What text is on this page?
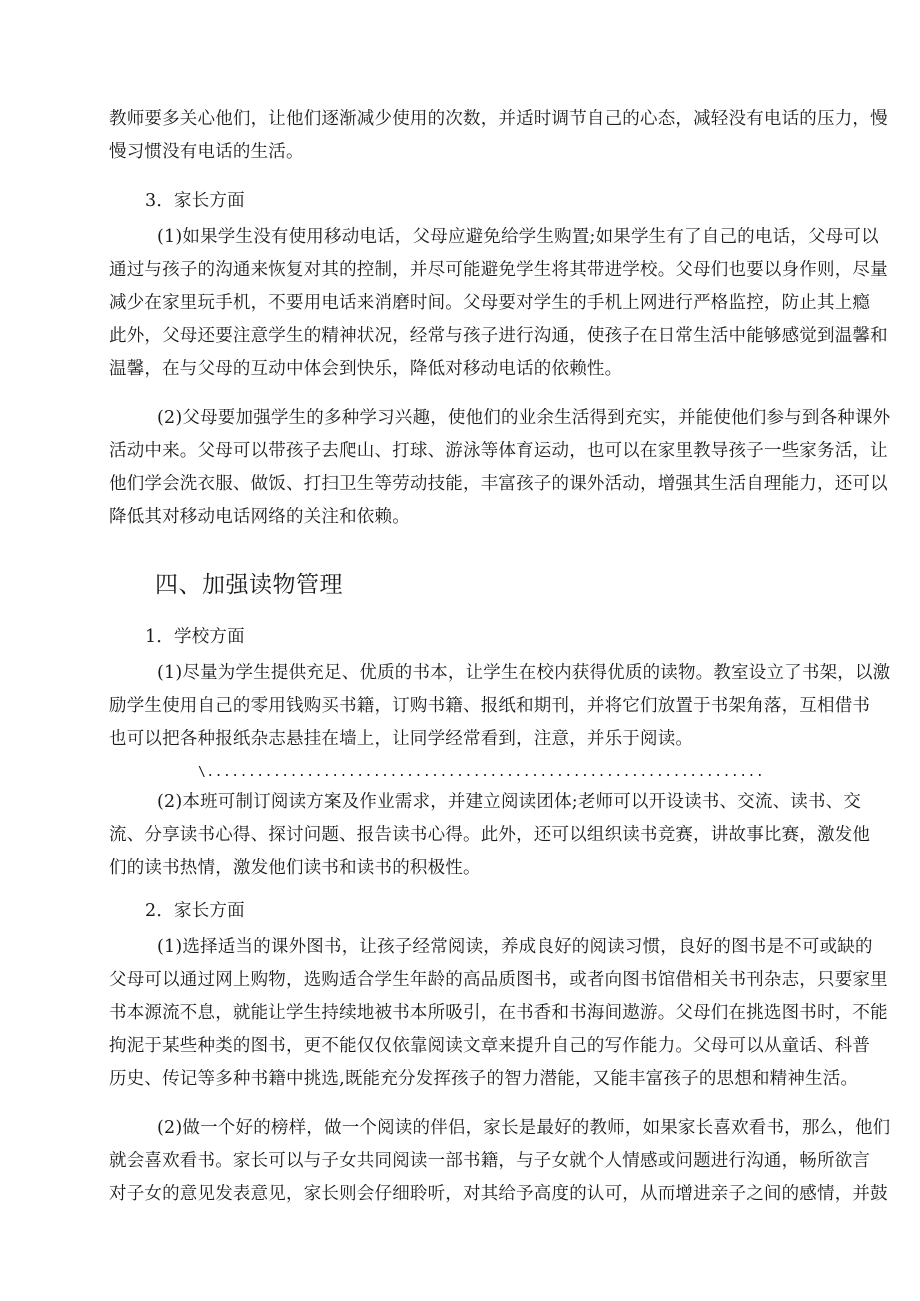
教师要多关心他们，让他们逐渐减少使用的次数，并适时调节自己的心态，减轻没有电话的压力，慢
慢习惯没有电话的生活。
3．家长方面
(1)如果学生没有使用移动电话，父母应避免给学生购置;如果学生有了自己的电话，父母可以
通过与孩子的沟通来恢复对其的控制，并尽可能避免学生将其带进学校。父母们也要以身作则，尽量
减少在家里玩手机，不要用电话来消磨时间。父母要对学生的手机上网进行严格监控，防止其上瘾
此外，父母还要注意学生的精神状况，经常与孩子进行沟通，使孩子在日常生活中能够感觉到温馨和
温馨，在与父母的互动中体会到快乐，降低对移动电话的依赖性。
(2)父母要加强学生的多种学习兴趣，使他们的业余生活得到充实，并能使他们参与到各种课外
活动中来。父母可以带孩子去爬山、打球、游泳等体育运动，也可以在家里教导孩子一些家务活，让
他们学会洗衣服、做饭、打扫卫生等劳动技能，丰富孩子的课外活动，增强其生活自理能力，还可以
降低其对移动电话网络的关注和依赖。
四、加强读物管理
1．学校方面
(1)尽量为学生提供充足、优质的书本，让学生在校内获得优质的读物。教室设立了书架，以激
励学生使用自己的零用钱购买书籍，订购书籍、报纸和期刊，并将它们放置于书架角落，互相借书
也可以把各种报纸杂志悬挂在墙上，让同学经常看到，注意，并乐于阅读。
\...................................................................
(2)本班可制订阅读方案及作业需求，并建立阅读团体;老师可以开设读书、交流、读书、交
流、分享读书心得、探讨问题、报告读书心得。此外，还可以组织读书竞赛，讲故事比赛，激发他
们的读书热情，激发他们读书和读书的积极性。
2．家长方面
(1)选择适当的课外图书，让孩子经常阅读，养成良好的阅读习惯，良好的图书是不可或缺的
父母可以通过网上购物，选购适合学生年龄的高品质图书，或者向图书馆借相关书刊杂志，只要家里
书本源流不息，就能让学生持续地被书本所吸引，在书香和书海间遨游。父母们在挑选图书时，不能
拘泥于某些种类的图书，更不能仅仅依靠阅读文章来提升自己的写作能力。父母可以从童话、科普
历史、传记等多种书籍中挑选,既能充分发挥孩子的智力潜能，又能丰富孩子的思想和精神生活。
(2)做一个好的榜样，做一个阅读的伴侣，家长是最好的教师，如果家长喜欢看书，那么，他们
就会喜欢看书。家长可以与子女共同阅读一部书籍，与子女就个人情感或问题进行沟通，畅所欲言
对子女的意见发表意见，家长则会仔细聆听，对其给予高度的认可，从而增进亲子之间的感情，并鼓
